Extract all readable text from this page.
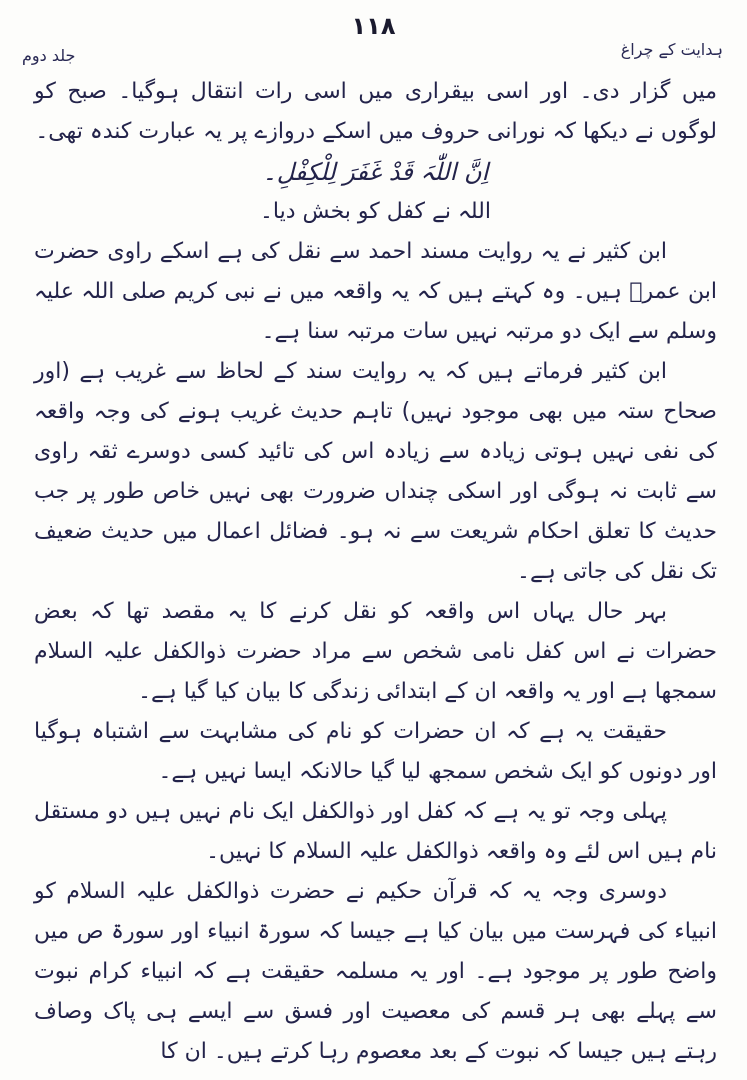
۱۱۸
ہدایت کے چراغ
جلد دوم

میں گزار دی۔ اور اسی بیقراری میں اسی رات انتقال ہوگیا۔ صبح کو لوگوں نے دیکھا کہ نورانی حروف میں اسکے دروازے پر یہ عبارت کندہ تھی۔

اِنَّ اللّٰہَ قَدْ غَفَرَ لِلْکِفْلِ۔

اللہ نے کفل کو بخش دیا۔

ابن کثیر نے یہ روایت مسند احمد سے نقل کی ہے اسکے راوی حضرت ابن عمرؓ ہیں۔ وہ کہتے ہیں کہ یہ واقعہ میں نے نبی کریم صلی اللہ علیہ وسلم سے ایک دو مرتبہ نہیں سات مرتبہ سنا ہے۔

ابن کثیر فرماتے ہیں کہ یہ روایت سند کے لحاظ سے غریب ہے (اور صحاح ستہ میں بھی موجود نہیں) تاہم حدیث غریب ہونے کی وجہ واقعہ کی نفی نہیں ہوتی زیادہ سے زیادہ اس کی تائید کسی دوسرے ثقہ راوی سے ثابت نہ ہوگی اور اسکی چنداں ضرورت بھی نہیں خاص طور پر جب حدیث کا تعلق احکام شریعت سے نہ ہو۔ فضائل اعمال میں حدیث ضعیف تک نقل کی جاتی ہے۔

بہر حال یہاں اس واقعہ کو نقل کرنے کا یہ مقصد تھا کہ بعض حضرات نے اس کفل نامی شخص سے مراد حضرت ذوالکفل علیہ السلام سمجھا ہے اور یہ واقعہ ان کے ابتدائی زندگی کا بیان کیا گیا ہے۔

حقیقت یہ ہے کہ ان حضرات کو نام کی مشابہت سے اشتباہ ہوگیا اور دونوں کو ایک شخص سمجھ لیا گیا حالانکہ ایسا نہیں ہے۔

پہلی وجہ تو یہ ہے کہ کفل اور ذوالکفل ایک نام نہیں ہیں دو مستقل نام ہیں اس لئے وہ واقعہ ذوالکفل علیہ السلام کا نہیں۔

دوسری وجہ یہ کہ قرآن حکیم نے حضرت ذوالکفل علیہ السلام کو انبیاء کی فہرست میں بیان کیا ہے جیسا کہ سورۃ انبیاء اور سورۃ ص میں واضح طور پر موجود ہے۔ اور یہ مسلمہ حقیقت ہے کہ انبیاء کرام نبوت سے پہلے بھی ہر قسم کی معصیت اور فسق سے ایسے ہی پاک وصاف رہتے ہیں جیسا کہ نبوت کے بعد معصوم رہا کرتے ہیں۔ ان کا
